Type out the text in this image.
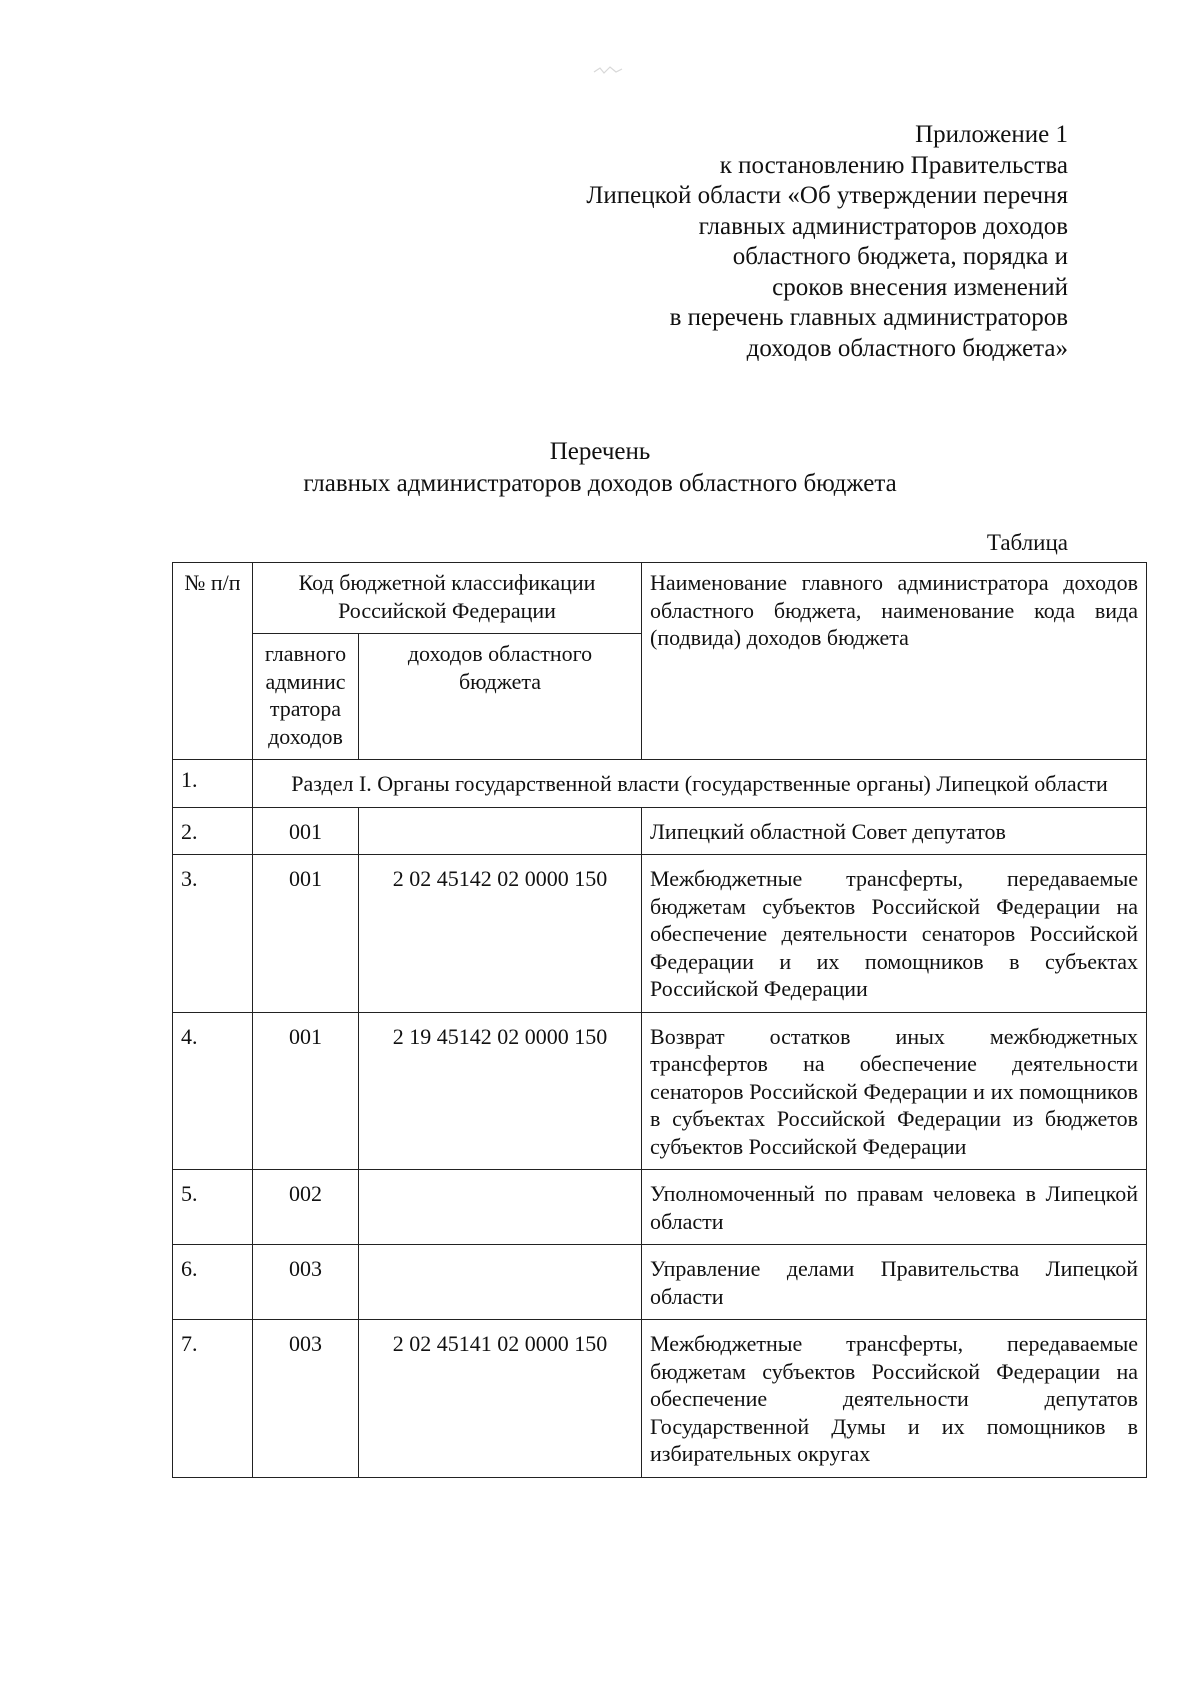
Приложение 1
к постановлению Правительства
Липецкой области «Об утверждении перечня
главных администраторов доходов
областного бюджета, порядка и
сроков внесения изменений
в перечень главных администраторов
доходов областного бюджета»
Перечень
главных администраторов доходов областного бюджета
Таблица
№ п/п	Код бюджетной классификации Российской Федерации		Наименование главного администратора доходов областного бюджета, наименование кода вида (подвида) доходов бюджета
	главного админис тратора доходов	доходов областного бюджета	
1.	Раздел I. Органы государственной власти (государственные органы) Липецкой области		
2.	001		Липецкий областной Совет депутатов
3.	001	2 02 45142 02 0000 150	Межбюджетные трансферты, передаваемые бюджетам субъектов Российской Федерации на обеспечение деятельности сенаторов Российской Федерации и их помощников в субъектах Российской Федерации
4.	001	2 19 45142 02 0000 150	Возврат остатков иных межбюджетных трансфертов на обеспечение деятельности сенаторов Российской Федерации и их помощников в субъектах Российской Федерации из бюджетов субъектов Российской Федерации
5.	002		Уполномоченный по правам человека в Липецкой области
6.	003		Управление делами Правительства Липецкой области
7.	003	2 02 45141 02 0000 150	Межбюджетные трансферты, передаваемые бюджетам субъектов Российской Федерации на обеспечение деятельности депутатов Государственной Думы и их помощников в избирательных округах
